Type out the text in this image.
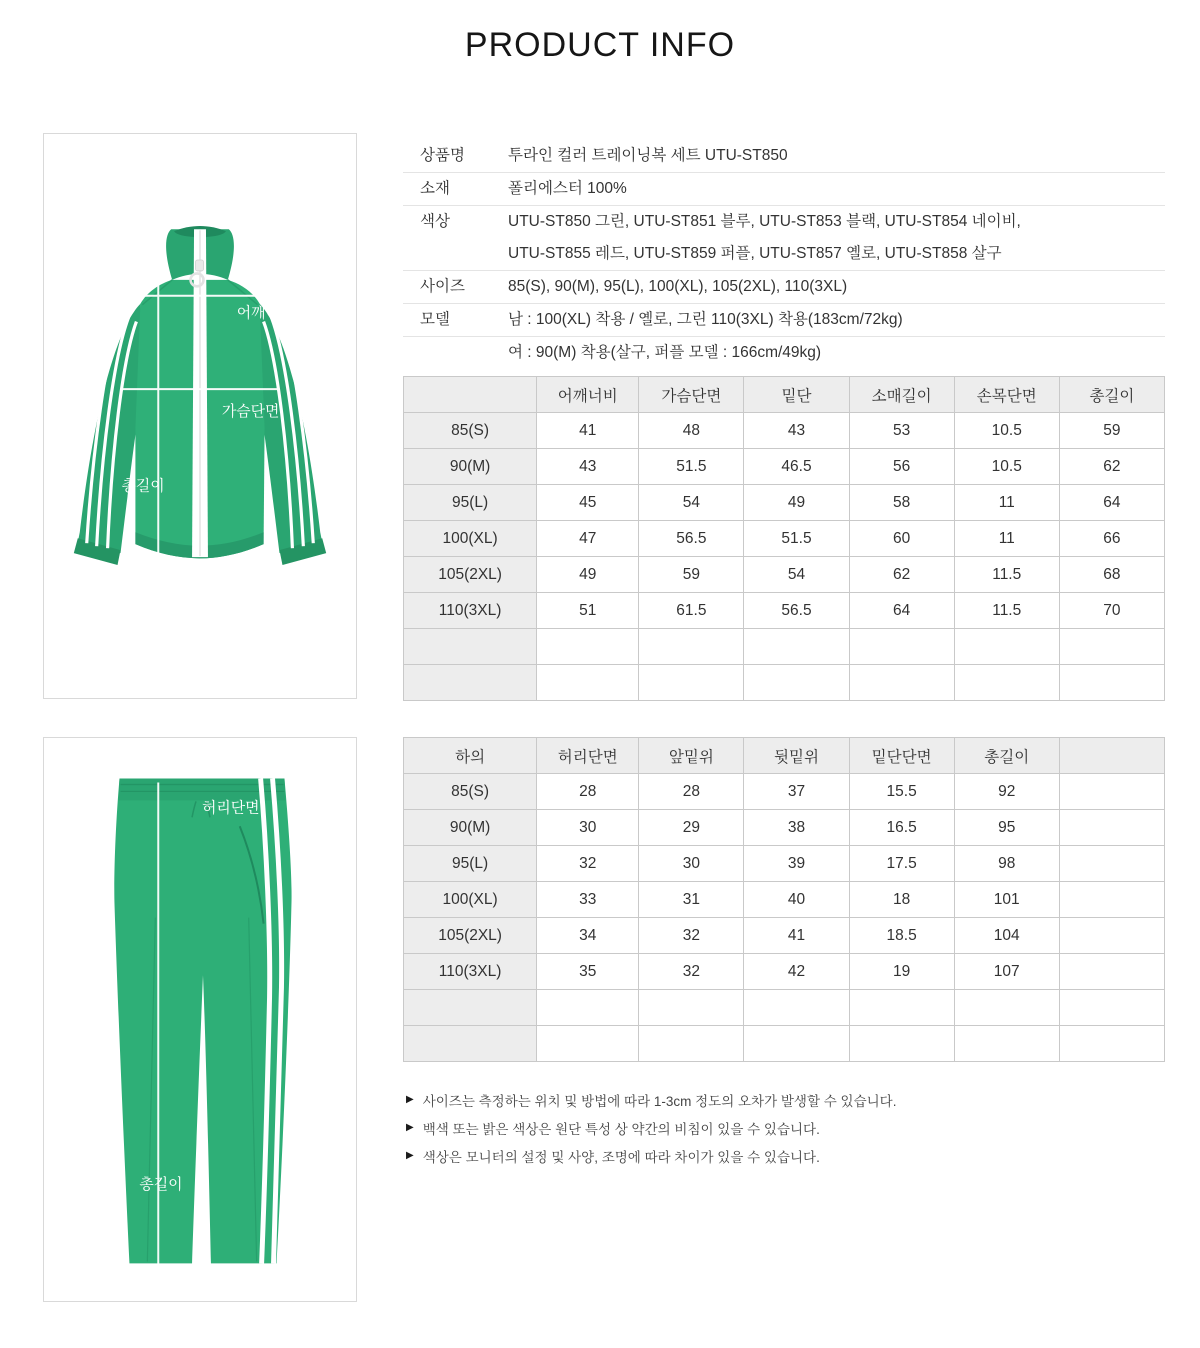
PRODUCT INFO
어깨너비
가슴단면
총길이
허리단면
총길이
상품명	투라인 컬러 트레이닝복 세트 UTU-ST850
소재	폴리에스터 100%
색상	UTU-ST850 그린, UTU-ST851 블루, UTU-ST853 블랙, UTU-ST854 네이비,
UTU-ST855 레드, UTU-ST859 퍼플, UTU-ST857 옐로, UTU-ST858 살구
사이즈	85(S), 90(M), 95(L), 100(XL), 105(2XL), 110(3XL)
모델	남 : 100(XL) 착용 / 옐로, 그린 110(3XL) 착용(183cm/72kg)
여 : 90(M) 착용(살구, 퍼플 모델 : 166cm/49kg)
	어깨너비	가슴단면	밑단	소매길이	손목단면	총길이
85(S)	41	48	43	53	10.5	59
90(M)	43	51.5	46.5	56	10.5	62
95(L)	45	54	49	58	11	64
100(XL)	47	56.5	51.5	60	11	66
105(2XL)	49	59	54	62	11.5	68
110(3XL)	51	61.5	56.5	64	11.5	70

하의	허리단면	앞밑위	뒷밑위	밑단단면	총길이	
85(S)	28	28	37	15.5	92	
90(M)	30	29	38	16.5	95	
95(L)	32	30	39	17.5	98	
100(XL)	33	31	40	18	101	
105(2XL)	34	32	41	18.5	104	
110(3XL)	35	32	42	19	107	

▶ 사이즈는 측정하는 위치 및 방법에 따라 1-3cm 정도의 오차가 발생할 수 있습니다.
▶ 백색 또는 밝은 색상은 원단 특성 상 약간의 비침이 있을 수 있습니다.
▶ 색상은 모니터의 설정 및 사양, 조명에 따라 차이가 있을 수 있습니다.
